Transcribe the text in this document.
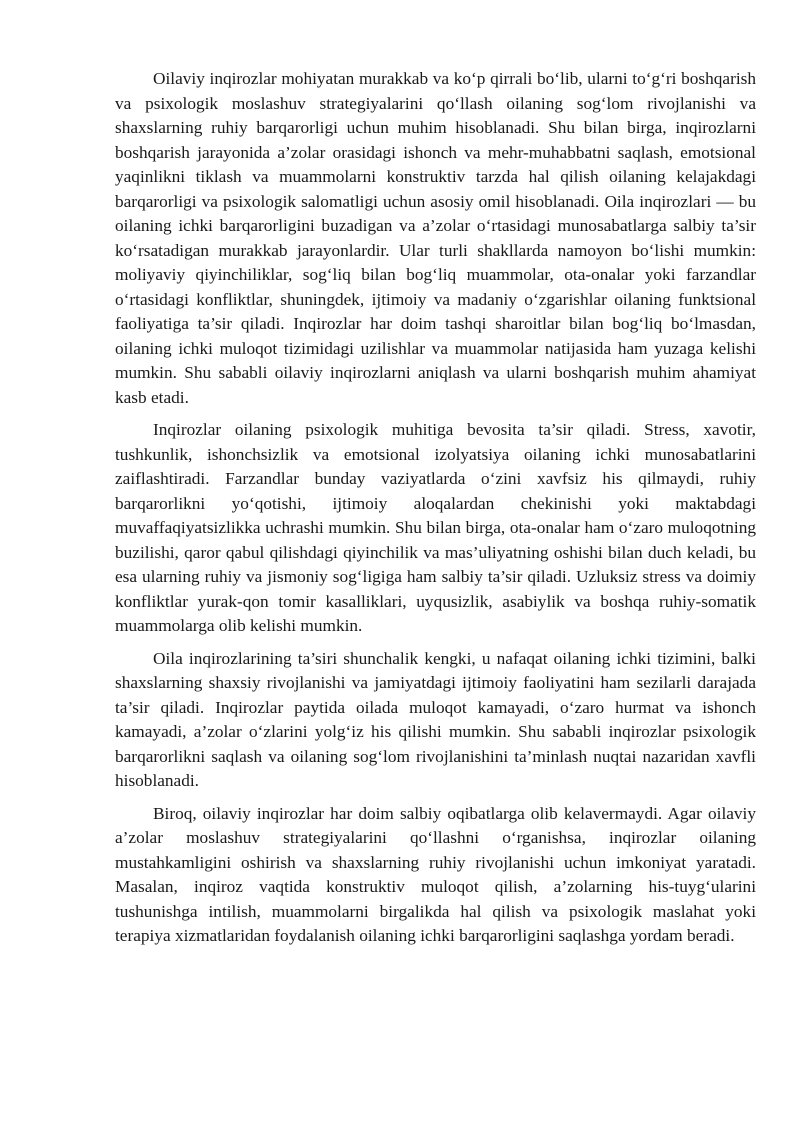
Oilaviy inqirozlar mohiyatan murakkab va ko‘p qirrali bo‘lib, ularni to‘g‘ri boshqarish va psixologik moslashuv strategiyalarini qo‘llash oilaning sog‘lom rivojlanishi va shaxslarning ruhiy barqarorligi uchun muhim hisoblanadi. Shu bilan birga, inqirozlarni boshqarish jarayonida a’zolar orasidagi ishonch va mehr-muhabbatni saqlash, emotsional yaqinlikni tiklash va muammolarni konstruktiv tarzda hal qilish oilaning kelajakdagi barqarorligi va psixologik salomatligi uchun asosiy omil hisoblanadi. Oila inqirozlari — bu oilaning ichki barqarorligini buzadigan va a’zolar o‘rtasidagi munosabatlarga salbiy ta’sir ko‘rsatadigan murakkab jarayonlardir. Ular turli shakllarda namoyon bo‘lishi mumkin: moliyaviy qiyinchiliklar, sog‘liq bilan bog‘liq muammolar, ota-onalar yoki farzandlar o‘rtasidagi konfliktlar, shuningdek, ijtimoiy va madaniy o‘zgarishlar oilaning funktsional faoliyatiga ta’sir qiladi. Inqirozlar har doim tashqi sharoitlar bilan bog‘liq bo‘lmasdan, oilaning ichki muloqot tizimidagi uzilishlar va muammolar natijasida ham yuzaga kelishi mumkin. Shu sababli oilaviy inqirozlarni aniqlash va ularni boshqarish muhim ahamiyat kasb etadi.

Inqirozlar oilaning psixologik muhitiga bevosita ta’sir qiladi. Stress, xavotir, tushkunlik, ishonchsizlik va emotsional izolyatsiya oilaning ichki munosabatlarini zaiflashtiradi. Farzandlar bunday vaziyatlarda o‘zini xavfsiz his qilmaydi, ruhiy barqarorlikni yo‘qotishi, ijtimoiy aloqalardan chekinishi yoki maktabdagi muvaffaqiyatsizlikka uchrashi mumkin. Shu bilan birga, ota-onalar ham o‘zaro muloqotning buzilishi, qaror qabul qilishdagi qiyinchilik va mas’uliyatning oshishi bilan duch keladi, bu esa ularning ruhiy va jismoniy sog‘ligiga ham salbiy ta’sir qiladi. Uzluksiz stress va doimiy konfliktlar yurak-qon tomir kasalliklari, uyqusizlik, asabiylik va boshqa ruhiy-somatik muammolarga olib kelishi mumkin.

Oila inqirozlarining ta’siri shunchalik kengki, u nafaqat oilaning ichki tizimini, balki shaxslarning shaxsiy rivojlanishi va jamiyatdagi ijtimoiy faoliyatini ham sezilarli darajada ta’sir qiladi. Inqirozlar paytida oilada muloqot kamayadi, o‘zaro hurmat va ishonch kamayadi, a’zolar o‘zlarini yolg‘iz his qilishi mumkin. Shu sababli inqirozlar psixologik barqarorlikni saqlash va oilaning sog‘lom rivojlanishini ta’minlash nuqtai nazaridan xavfli hisoblanadi.

Biroq, oilaviy inqirozlar har doim salbiy oqibatlarga olib kelavermaydi. Agar oilaviy a’zolar moslashuv strategiyalarini qo‘llashni o‘rganishsa, inqirozlar oilaning mustahkamligini oshirish va shaxslarning ruhiy rivojlanishi uchun imkoniyat yaratadi. Masalan, inqiroz vaqtida konstruktiv muloqot qilish, a’zolarning his-tuyg‘ularini tushunishga intilish, muammolarni birgalikda hal qilish va psixologik maslahat yoki terapiya xizmatlaridan foydalanish oilaning ichki barqarorligini saqlashga yordam beradi.
